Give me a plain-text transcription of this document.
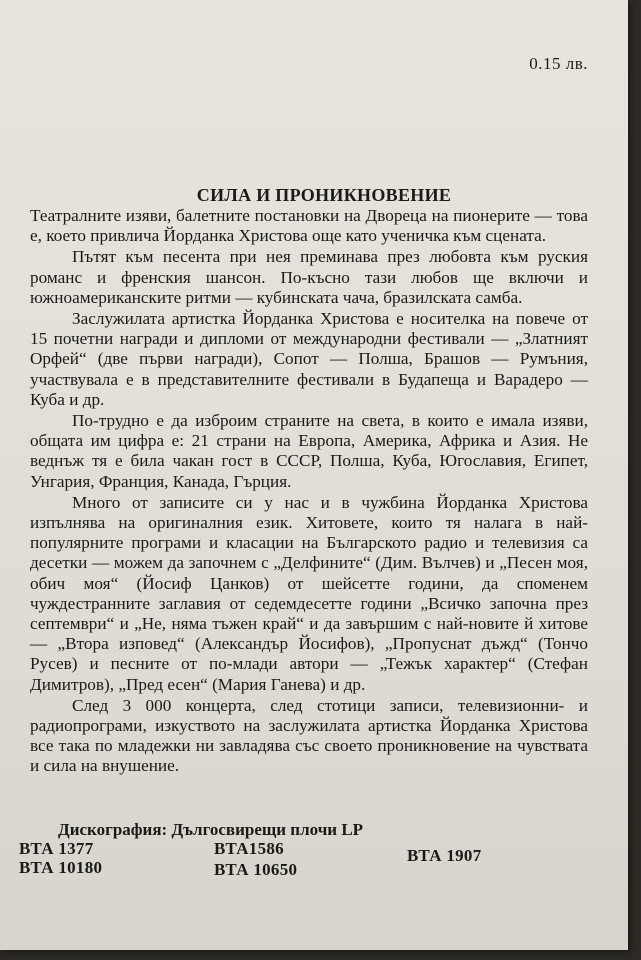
0.15 лв.
СИЛА И ПРОНИКНОВЕНИЕ

Театралните изяви, балетните постановки на Двореца на пионерите — това е, което привлича Йорданка Христова още като ученичка към сцената.

Пътят към песента при нея преминава през любовта към руския романс и френския шансон. По-късно тази любов ще включи и южноамериканските ритми — кубинската чача, бразилската самба.

Заслужилата артистка Йорданка Христова е носителка на повече от 15 почетни награди и дипломи от международни фестивали — „Златният Орфей“ (две първи награди), Сопот — Полша, Брашов — Румъния, участвувала е в представителните фестивали в Будапеща и Варадеро — Куба и др.

По-трудно е да изброим страните на света, в които е имала изяви, общата им цифра е: 21 страни на Европа, Америка, Африка и Азия. Не веднъж тя е била чакан гост в СССР, Полша, Куба, Югославия, Египет, Унгария, Франция, Канада, Гърция.

Много от записите си у нас и в чужбина Йорданка Христова изпълнява на оригиналния език. Хитовете, които тя налага в най-популярните програми и класации на Българското радио и телевизия са десетки — можем да започнем с „Делфините“ (Дим. Вълчев) и „Песен моя, обич моя“ (Йосиф Цанков) от шейсетте години, да споменем чуждестранните заглавия от седемдесетте години „Всичко започна през септември“ и „Не, няма тъжен край“ и да завършим с най-новите й хитове — „Втора изповед“ (Александър Йосифов), „Пропуснат дъжд“ (Тончо Русев) и песните от по-млади автори — „Тежък характер“ (Стефан Димитров), „Пред есен“ (Мария Ганева) и др.

След 3 000 концерта, след стотици записи, телевизионни- и радиопрограми, изкуството на заслужилата артистка Йорданка Христова все така по младежки ни завладява със своето проникновение на чувствата и сила на внушение.

Дискография: Дългосвирещи плочи LP
ВТА 1377	ВТА1586	ВТА 1907
ВТА 10180	ВТА 10650
